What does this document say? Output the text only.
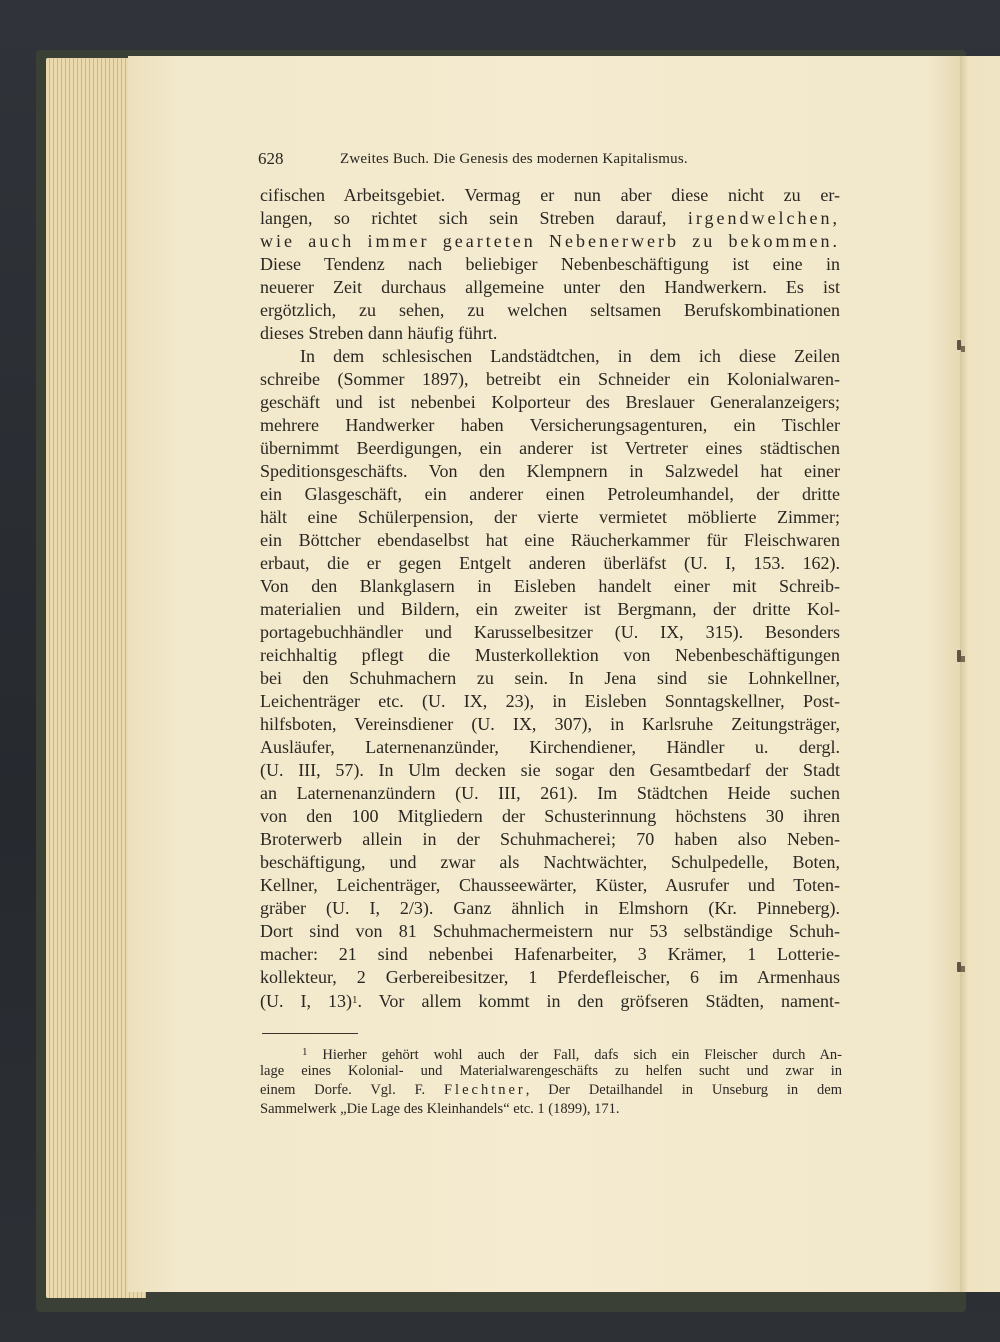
628	Zweites Buch. Die Genesis des modernen Kapitalismus.
cifischen Arbeitsgebiet. Vermag er nun aber diese nicht zu er-
langen, so richtet sich sein Streben darauf, irgendwelchen,
wie auch immer gearteten Nebenerwerb zu bekommen.
Diese Tendenz nach beliebiger Nebenbeschäftigung ist eine in
neuerer Zeit durchaus allgemeine unter den Handwerkern. Es ist
ergötzlich, zu sehen, zu welchen seltsamen Berufskombinationen
dieses Streben dann häufig führt.
In dem schlesischen Landstädtchen, in dem ich diese Zeilen
schreibe (Sommer 1897), betreibt ein Schneider ein Kolonialwaren-
geschäft und ist nebenbei Kolporteur des Breslauer Generalanzeigers;
mehrere Handwerker haben Versicherungsagenturen, ein Tischler
übernimmt Beerdigungen, ein anderer ist Vertreter eines städtischen
Speditionsgeschäfts. Von den Klempnern in Salzwedel hat einer
ein Glasgeschäft, ein anderer einen Petroleumhandel, der dritte
hält eine Schülerpension, der vierte vermietet möblierte Zimmer;
ein Böttcher ebendaselbst hat eine Räucherkammer für Fleischwaren
erbaut, die er gegen Entgelt anderen überläfst (U. I, 153. 162).
Von den Blankglasern in Eisleben handelt einer mit Schreib-
materialien und Bildern, ein zweiter ist Bergmann, der dritte Kol-
portagebuchhändler und Karusselbesitzer (U. IX, 315). Besonders
reichhaltig pflegt die Musterkollektion von Nebenbeschäftigungen
bei den Schuhmachern zu sein. In Jena sind sie Lohnkellner,
Leichenträger etc. (U. IX, 23), in Eisleben Sonntagskellner, Post-
hilfsboten, Vereinsdiener (U. IX, 307), in Karlsruhe Zeitungsträger,
Ausläufer, Laternenanzünder, Kirchendiener, Händler u. dergl.
(U. III, 57). In Ulm decken sie sogar den Gesamtbedarf der Stadt
an Laternenanzündern (U. III, 261). Im Städtchen Heide suchen
von den 100 Mitgliedern der Schusterinnung höchstens 30 ihren
Broterwerb allein in der Schuhmacherei; 70 haben also Neben-
beschäftigung, und zwar als Nachtwächter, Schulpedelle, Boten,
Kellner, Leichenträger, Chausseewärter, Küster, Ausrufer und Toten-
gräber (U. I, 2/3). Ganz ähnlich in Elmshorn (Kr. Pinneberg).
Dort sind von 81 Schuhmachermeistern nur 53 selbständige Schuh-
macher: 21 sind nebenbei Hafenarbeiter, 3 Krämer, 1 Lotterie-
kollekteur, 2 Gerbereibesitzer, 1 Pferdefleischer, 6 im Armenhaus
(U. I, 13)$^1$. Vor allem kommt in den gröfseren Städten, nament-
$^1$ Hierher gehört wohl auch der Fall, dafs sich ein Fleischer durch An-
lage eines Kolonial- und Materialwarengeschäfts zu helfen sucht und zwar in
einem Dorfe. Vgl. F. Flechtner, Der Detailhandel in Unseburg in dem
Sammelwerk „Die Lage des Kleinhandels“ etc. 1 (1899), 171.
